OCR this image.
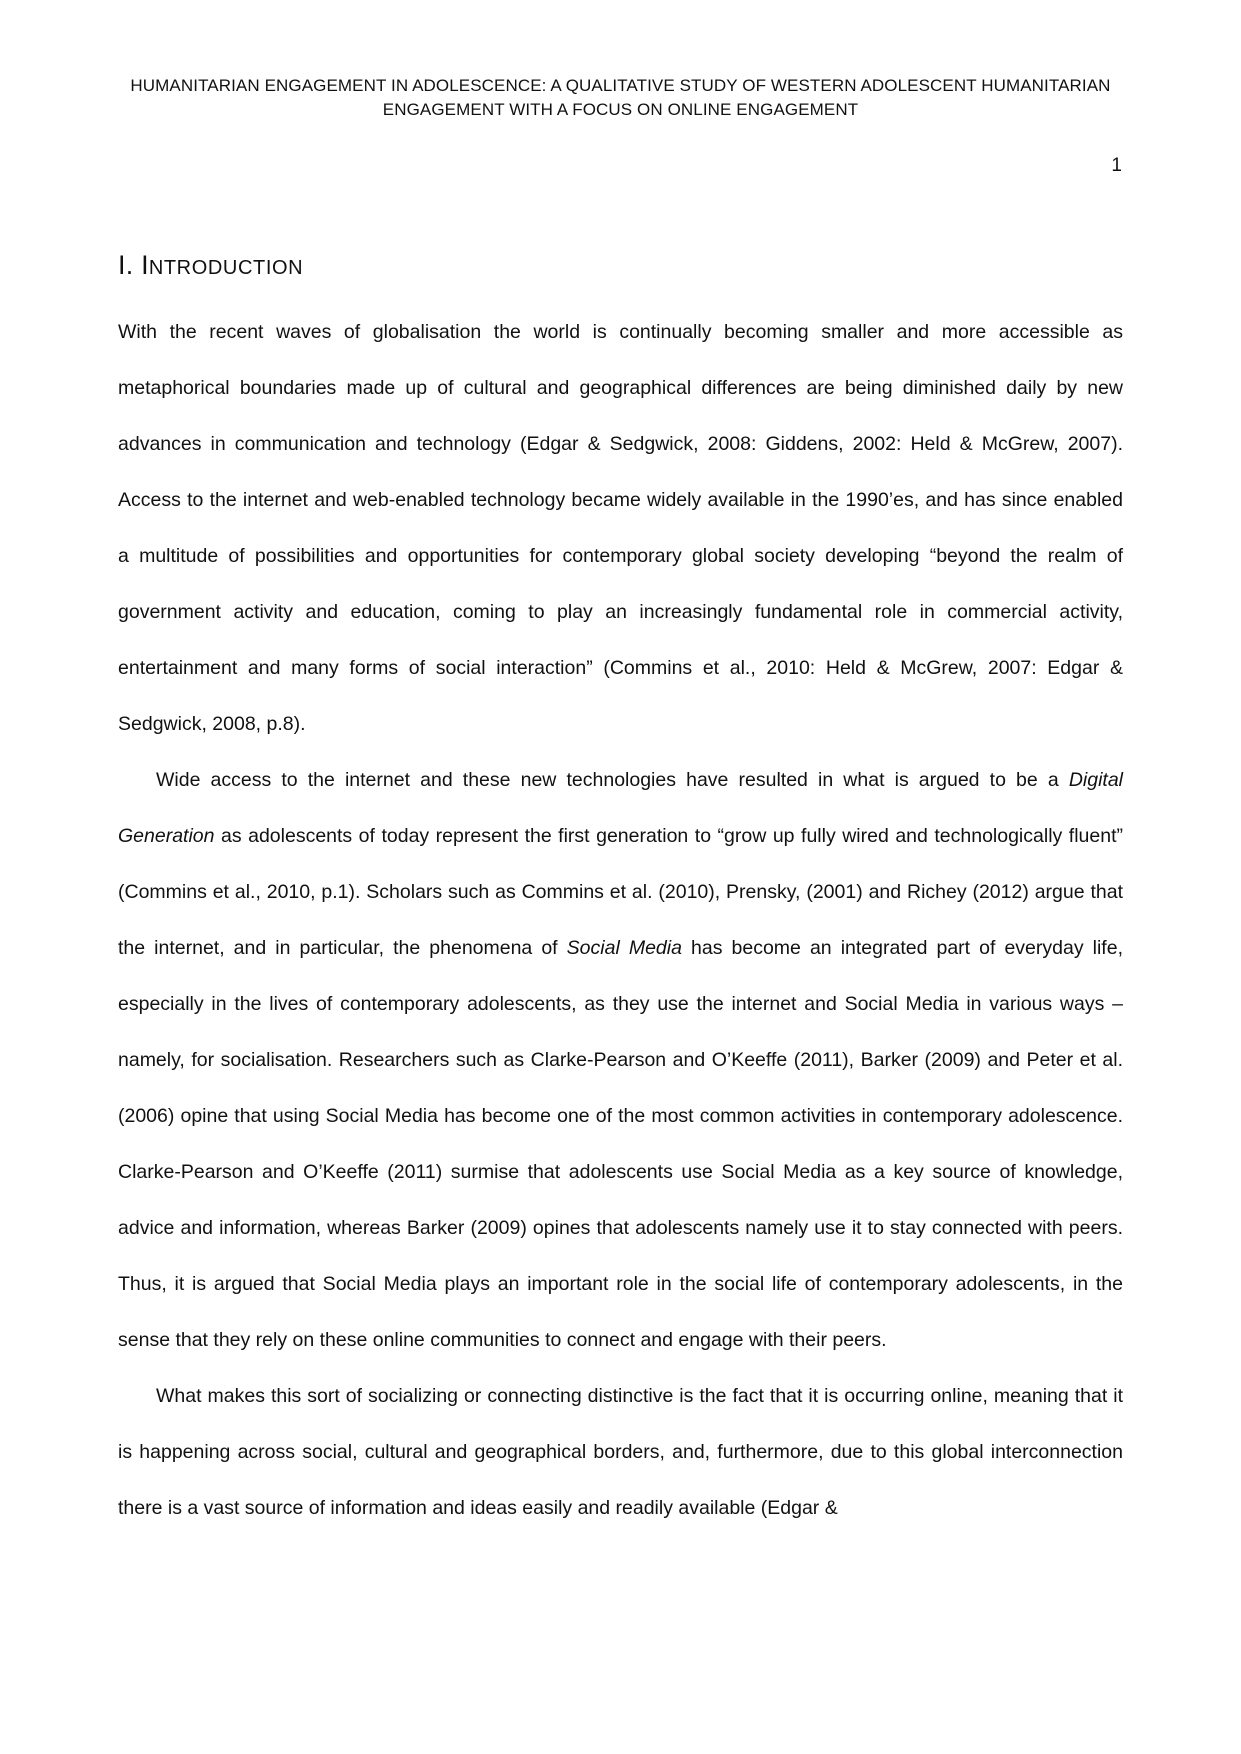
HUMANITARIAN ENGAGEMENT IN ADOLESCENCE: A QUALITATIVE STUDY OF WESTERN ADOLESCENT HUMANITARIAN ENGAGEMENT WITH A FOCUS ON ONLINE ENGAGEMENT
1
I. INTRODUCTION

With the recent waves of globalisation the world is continually becoming smaller and more accessible as metaphorical boundaries made up of cultural and geographical differences are being diminished daily by new advances in communication and technology (Edgar & Sedgwick, 2008: Giddens, 2002: Held & McGrew, 2007). Access to the internet and web-enabled technology became widely available in the 1990’es, and has since enabled a multitude of possibilities and opportunities for contemporary global society developing “beyond the realm of government activity and education, coming to play an increasingly fundamental role in commercial activity, entertainment and many forms of social interaction” (Commins et al., 2010: Held & McGrew, 2007: Edgar & Sedgwick, 2008, p.8).

Wide access to the internet and these new technologies have resulted in what is argued to be a Digital Generation as adolescents of today represent the first generation to “grow up fully wired and technologically fluent” (Commins et al., 2010, p.1). Scholars such as Commins et al. (2010), Prensky, (2001) and Richey (2012) argue that the internet, and in particular, the phenomena of Social Media has become an integrated part of everyday life, especially in the lives of contemporary adolescents, as they use the internet and Social Media in various ways – namely, for socialisation. Researchers such as Clarke-Pearson and O’Keeffe (2011), Barker (2009) and Peter et al. (2006) opine that using Social Media has become one of the most common activities in contemporary adolescence. Clarke-Pearson and O’Keeffe (2011) surmise that adolescents use Social Media as a key source of knowledge, advice and information, whereas Barker (2009) opines that adolescents namely use it to stay connected with peers. Thus, it is argued that Social Media plays an important role in the social life of contemporary adolescents, in the sense that they rely on these online communities to connect and engage with their peers.

What makes this sort of socializing or connecting distinctive is the fact that it is occurring online, meaning that it is happening across social, cultural and geographical borders, and, furthermore, due to this global interconnection there is a vast source of information and ideas easily and readily available (Edgar &
